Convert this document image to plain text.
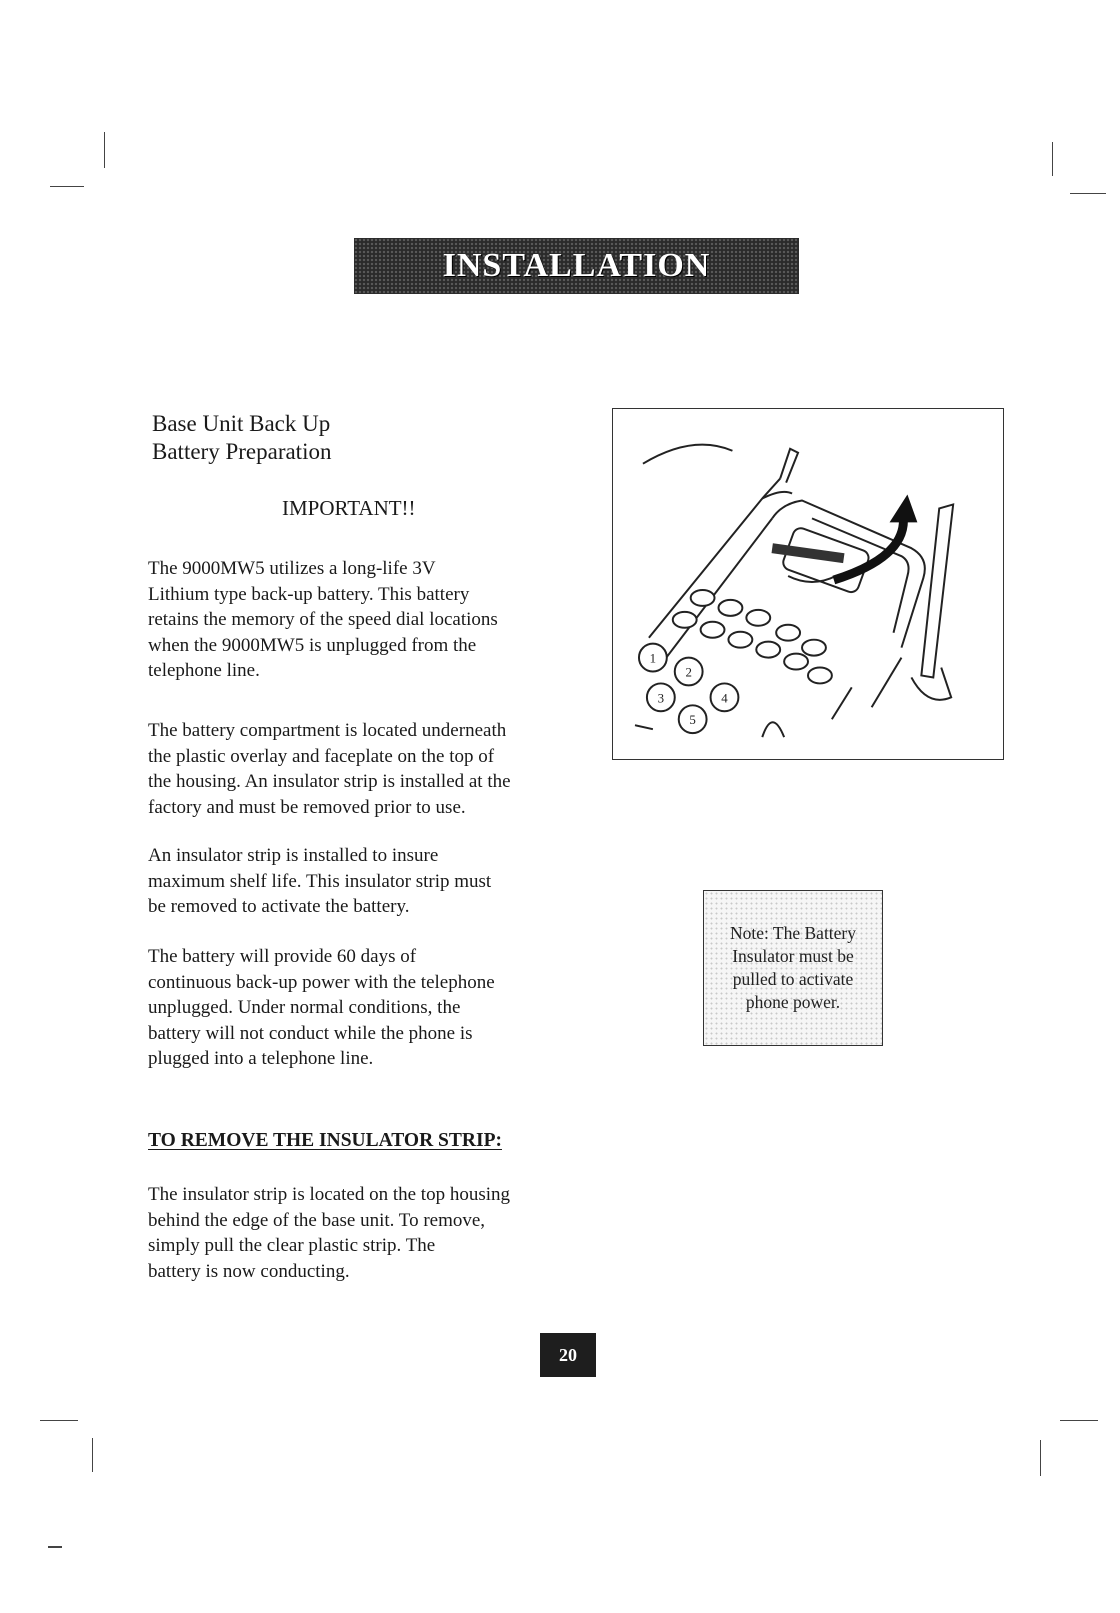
INSTALLATION
Base Unit Back Up
Battery Preparation
IMPORTANT!!
The 9000MW5 utilizes a long-life 3V
Lithium type back-up battery. This battery
retains the memory of the speed dial locations
when the 9000MW5 is unplugged from the
telephone line.
The battery compartment is located underneath
the plastic overlay and faceplate on the top of
the housing. An insulator strip is installed at the
factory and must be removed prior to use.
An insulator strip is installed to insure
maximum shelf life. This insulator strip must
be removed to activate the battery.
The battery will provide 60 days of
continuous back-up power with the telephone
unplugged. Under normal conditions, the
battery will not conduct while the phone is
plugged into a telephone line.
TO REMOVE THE INSULATOR STRIP:
The insulator strip is located on the top housing
behind the edge of the base unit. To remove,
simply pull the clear plastic strip. The
battery is now conducting.
1
2
3	4
5
Note: The Battery
Insulator must be
pulled to activate
phone power.
20
